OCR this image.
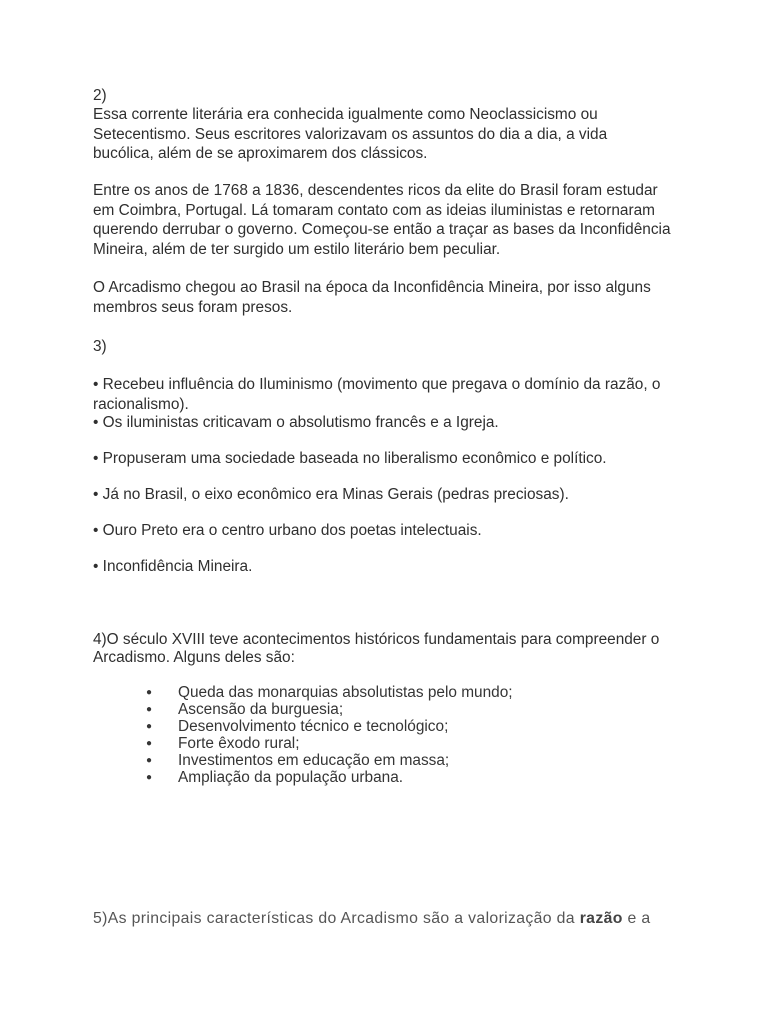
2)
Essa corrente literária era conhecida igualmente como Neoclassicismo ou
Setecentismo. Seus escritores valorizavam os assuntos do dia a dia, a vida
bucólica, além de se aproximarem dos clássicos.
Entre os anos de 1768 a 1836, descendentes ricos da elite do Brasil foram estudar
em Coimbra, Portugal. Lá tomaram contato com as ideias iluministas e retornaram
querendo derrubar o governo. Começou-se então a traçar as bases da Inconfidência
Mineira, além de ter surgido um estilo literário bem peculiar.
O Arcadismo chegou ao Brasil na época da Inconfidência Mineira, por isso alguns
membros seus foram presos.
3)
• Recebeu influência do Iluminismo (movimento que pregava o domínio da razão, o
racionalismo).
• Os iluministas criticavam o absolutismo francês e a Igreja.
• Propuseram uma sociedade baseada no liberalismo econômico e político.
• Já no Brasil, o eixo econômico era Minas Gerais (pedras preciosas).
• Ouro Preto era o centro urbano dos poetas intelectuais.
• Inconfidência Mineira.
4)O século XVIII teve acontecimentos históricos fundamentais para compreender o
Arcadismo. Alguns deles são:
●
Queda das monarquias absolutistas pelo mundo;
●
Ascensão da burguesia;
●
Desenvolvimento técnico e tecnológico;
●
Forte êxodo rural;
●
Investimentos em educação em massa;
●
Ampliação da população urbana.
5)As principais características do Arcadismo são a valorização da razão e a
